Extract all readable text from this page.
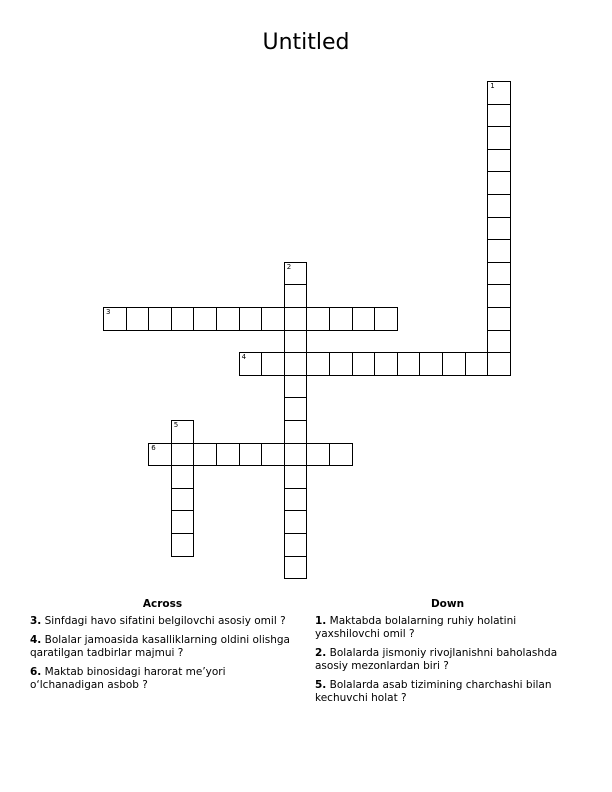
Untitled
1
2
3
4
5
6
Across
3. Sinfdagi havo sifatini belgilovchi asosiy omil ?
4. Bolalar jamoasida kasalliklarning oldini olishga qaratilgan tadbirlar majmui ?
6. Maktab binosidagi harorat me’yori o‘lchanadigan asbob ?
Down
1. Maktabda bolalarning ruhiy holatini yaxshilovchi omil ?
2. Bolalarda jismoniy rivojlanishni baholashda asosiy mezonlardan biri ?
5. Bolalarda asab tizimining charchashi bilan kechuvchi holat ?
